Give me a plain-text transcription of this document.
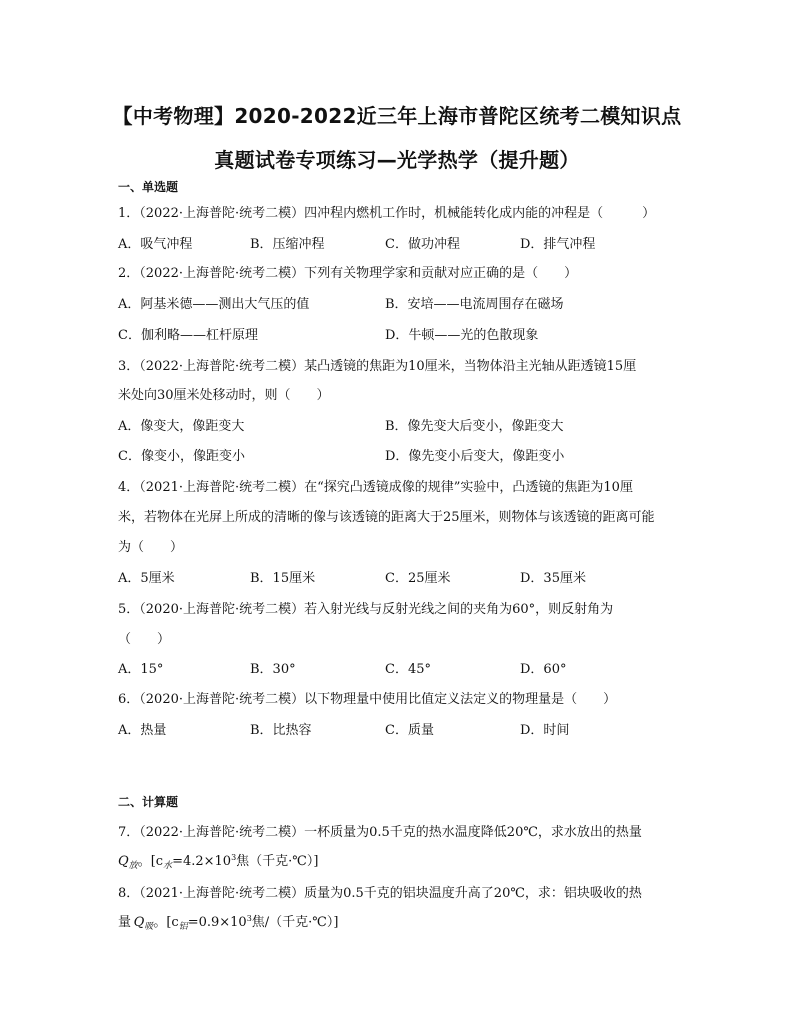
【中考物理】2020-2022近三年上海市普陀区统考二模知识点
真题试卷专项练习—光学热学（提升题）
一、单选题
1．（2022·上海普陀·统考二模）四冲程内燃机工作时，机械能转化成内能的冲程是（　　　）
A．吸气冲程	B．压缩冲程	C．做功冲程	D．排气冲程
2．（2022·上海普陀·统考二模）下列有关物理学家和贡献对应正确的是（　　）
A．阿基米德——测出大气压的值	B．安培——电流周围存在磁场
C．伽利略——杠杆原理	D．牛顿——光的色散现象
3．（2022·上海普陀·统考二模）某凸透镜的焦距为10厘米，当物体沿主光轴从距透镜15厘
米处向30厘米处移动时，则（　　）
A．像变大，像距变大	B．像先变大后变小，像距变大
C．像变小，像距变小	D．像先变小后变大，像距变小
4．（2021·上海普陀·统考二模）在“探究凸透镜成像的规律”实验中，凸透镜的焦距为10厘
米，若物体在光屏上所成的清晰的像与该透镜的距离大于25厘米，则物体与该透镜的距离可能
为（　　）
A．5厘米	B．15厘米	C．25厘米	D．35厘米
5．（2020·上海普陀·统考二模）若入射光线与反射光线之间的夹角为60°，则反射角为
（　　）
A．15°	B．30°	C．45°	D．60°
6．（2020·上海普陀·统考二模）以下物理量中使用比值定义法定义的物理量是（　　）
A．热量	B．比热容	C．质量	D．时间
二、计算题
7．（2022·上海普陀·统考二模）一杯质量为0.5千克的热水温度降低20℃，求水放出的热量
$Q_放$。[$c_水=4.2\times 10^3$焦（千克·℃）]
8．（2021·上海普陀·统考二模）质量为0.5千克的铝块温度升高了20℃，求：铝块吸收的热
量  $Q_吸$。[$c_铝=0.9\times 10^3$焦/（千克·℃）]
